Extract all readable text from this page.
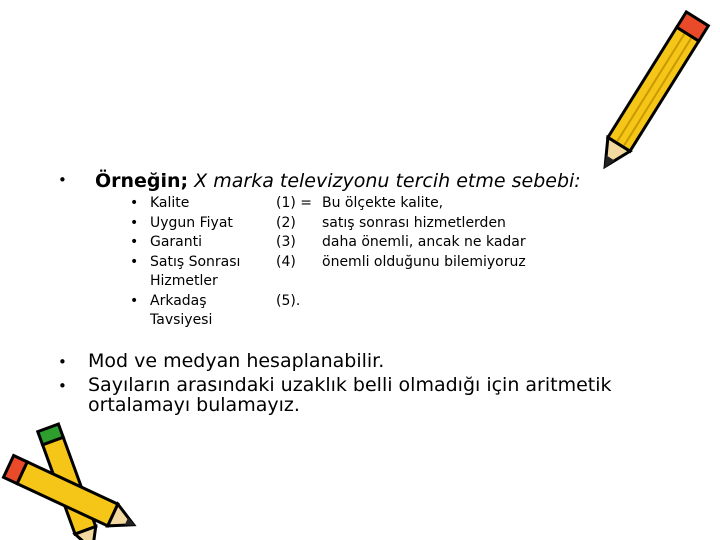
• Örneğin; X marka televizyonu tercih etme sebebi:
• Kalite
• Uygun Fiyat
• Garanti
• Satış Sonrası
Hizmetler
• Arkadaş
Tavsiyesi
(1) =
(2)
(3)
(4)
(5).
Bu ölçekte kalite,
satış sonrası hizmetlerden
daha önemli, ancak ne kadar
önemli olduğunu bilemiyoruz
• Mod ve medyan hesaplanabilir.
• Sayıların arasındaki uzaklık belli olmadığı için aritmetik
ortalamayı bulamayız.
